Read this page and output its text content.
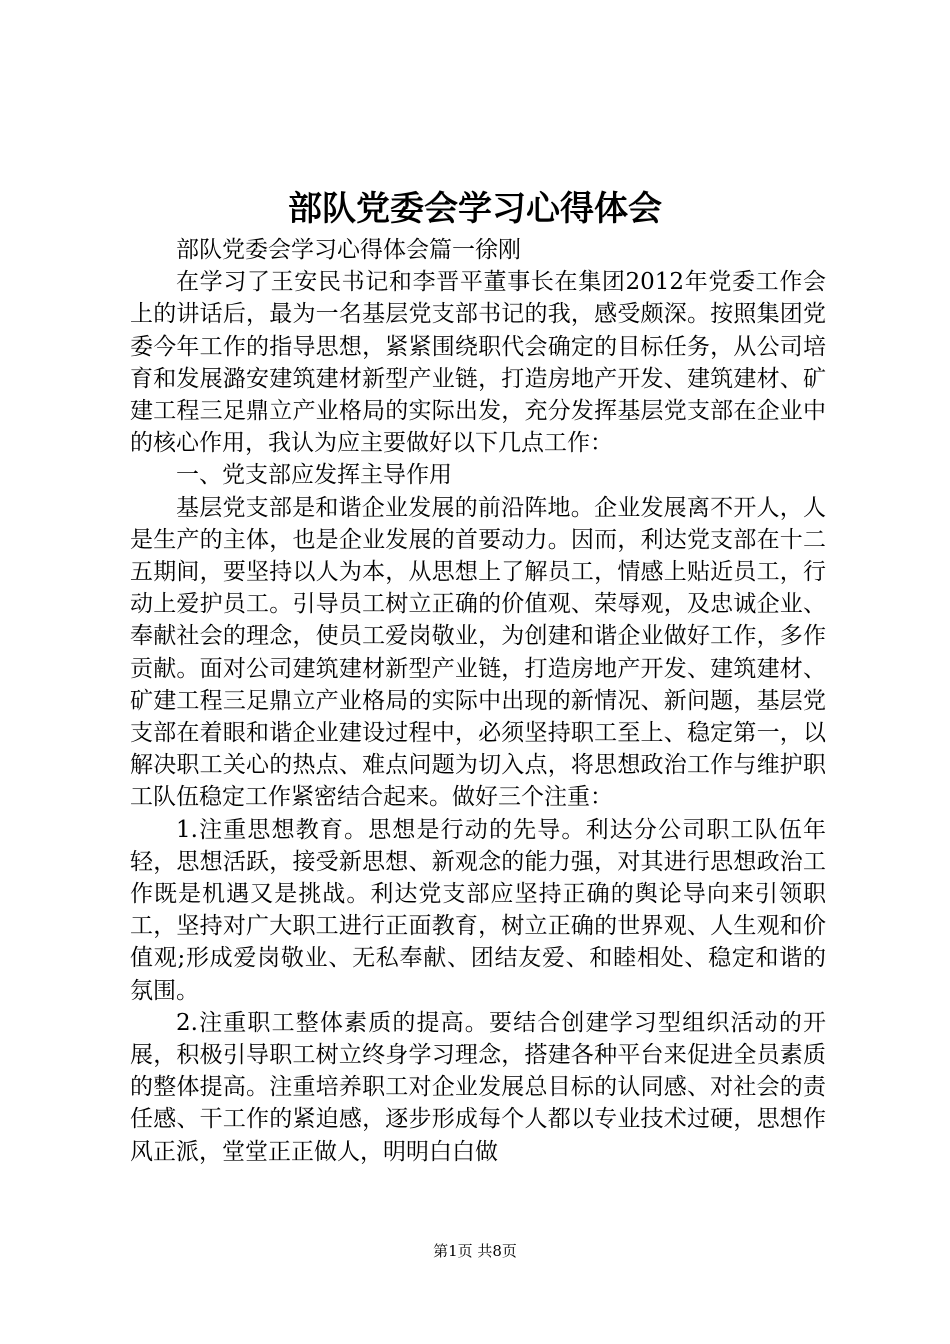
部队党委会学习心得体会

部队党委会学习心得体会篇一徐刚

在学习了王安民书记和李晋平董事长在集团2012年党委工作会上的讲话后，最为一名基层党支部书记的我，感受颇深。按照集团党委今年工作的指导思想，紧紧围绕职代会确定的目标任务，从公司培育和发展潞安建筑建材新型产业链，打造房地产开发、建筑建材、矿建工程三足鼎立产业格局的实际出发，充分发挥基层党支部在企业中的核心作用，我认为应主要做好以下几点工作：

一、党支部应发挥主导作用

基层党支部是和谐企业发展的前沿阵地。企业发展离不开人，人是生产的主体，也是企业发展的首要动力。因而，利达党支部在十二五期间，要坚持以人为本，从思想上了解员工，情感上贴近员工，行动上爱护员工。引导员工树立正确的价值观、荣辱观，及忠诚企业、奉献社会的理念，使员工爱岗敬业，为创建和谐企业做好工作，多作贡献。面对公司建筑建材新型产业链，打造房地产开发、建筑建材、矿建工程三足鼎立产业格局的实际中出现的新情况、新问题，基层党支部在着眼和谐企业建设过程中，必须坚持职工至上、稳定第一，以解决职工关心的热点、难点问题为切入点，将思想政治工作与维护职工队伍稳定工作紧密结合起来。做好三个注重：

1.注重思想教育。思想是行动的先导。利达分公司职工队伍年轻，思想活跃，接受新思想、新观念的能力强，对其进行思想政治工作既是机遇又是挑战。利达党支部应坚持正确的舆论导向来引领职工，坚持对广大职工进行正面教育，树立正确的世界观、人生观和价值观;形成爱岗敬业、无私奉献、团结友爱、和睦相处、稳定和谐的氛围。

2.注重职工整体素质的提高。要结合创建学习型组织活动的开展，积极引导职工树立终身学习理念，搭建各种平台来促进全员素质的整体提高。注重培养职工对企业发展总目标的认同感、对社会的责任感、干工作的紧迫感，逐步形成每个人都以专业技术过硬，思想作风正派，堂堂正正做人，明明白白做

第1页 共8页
